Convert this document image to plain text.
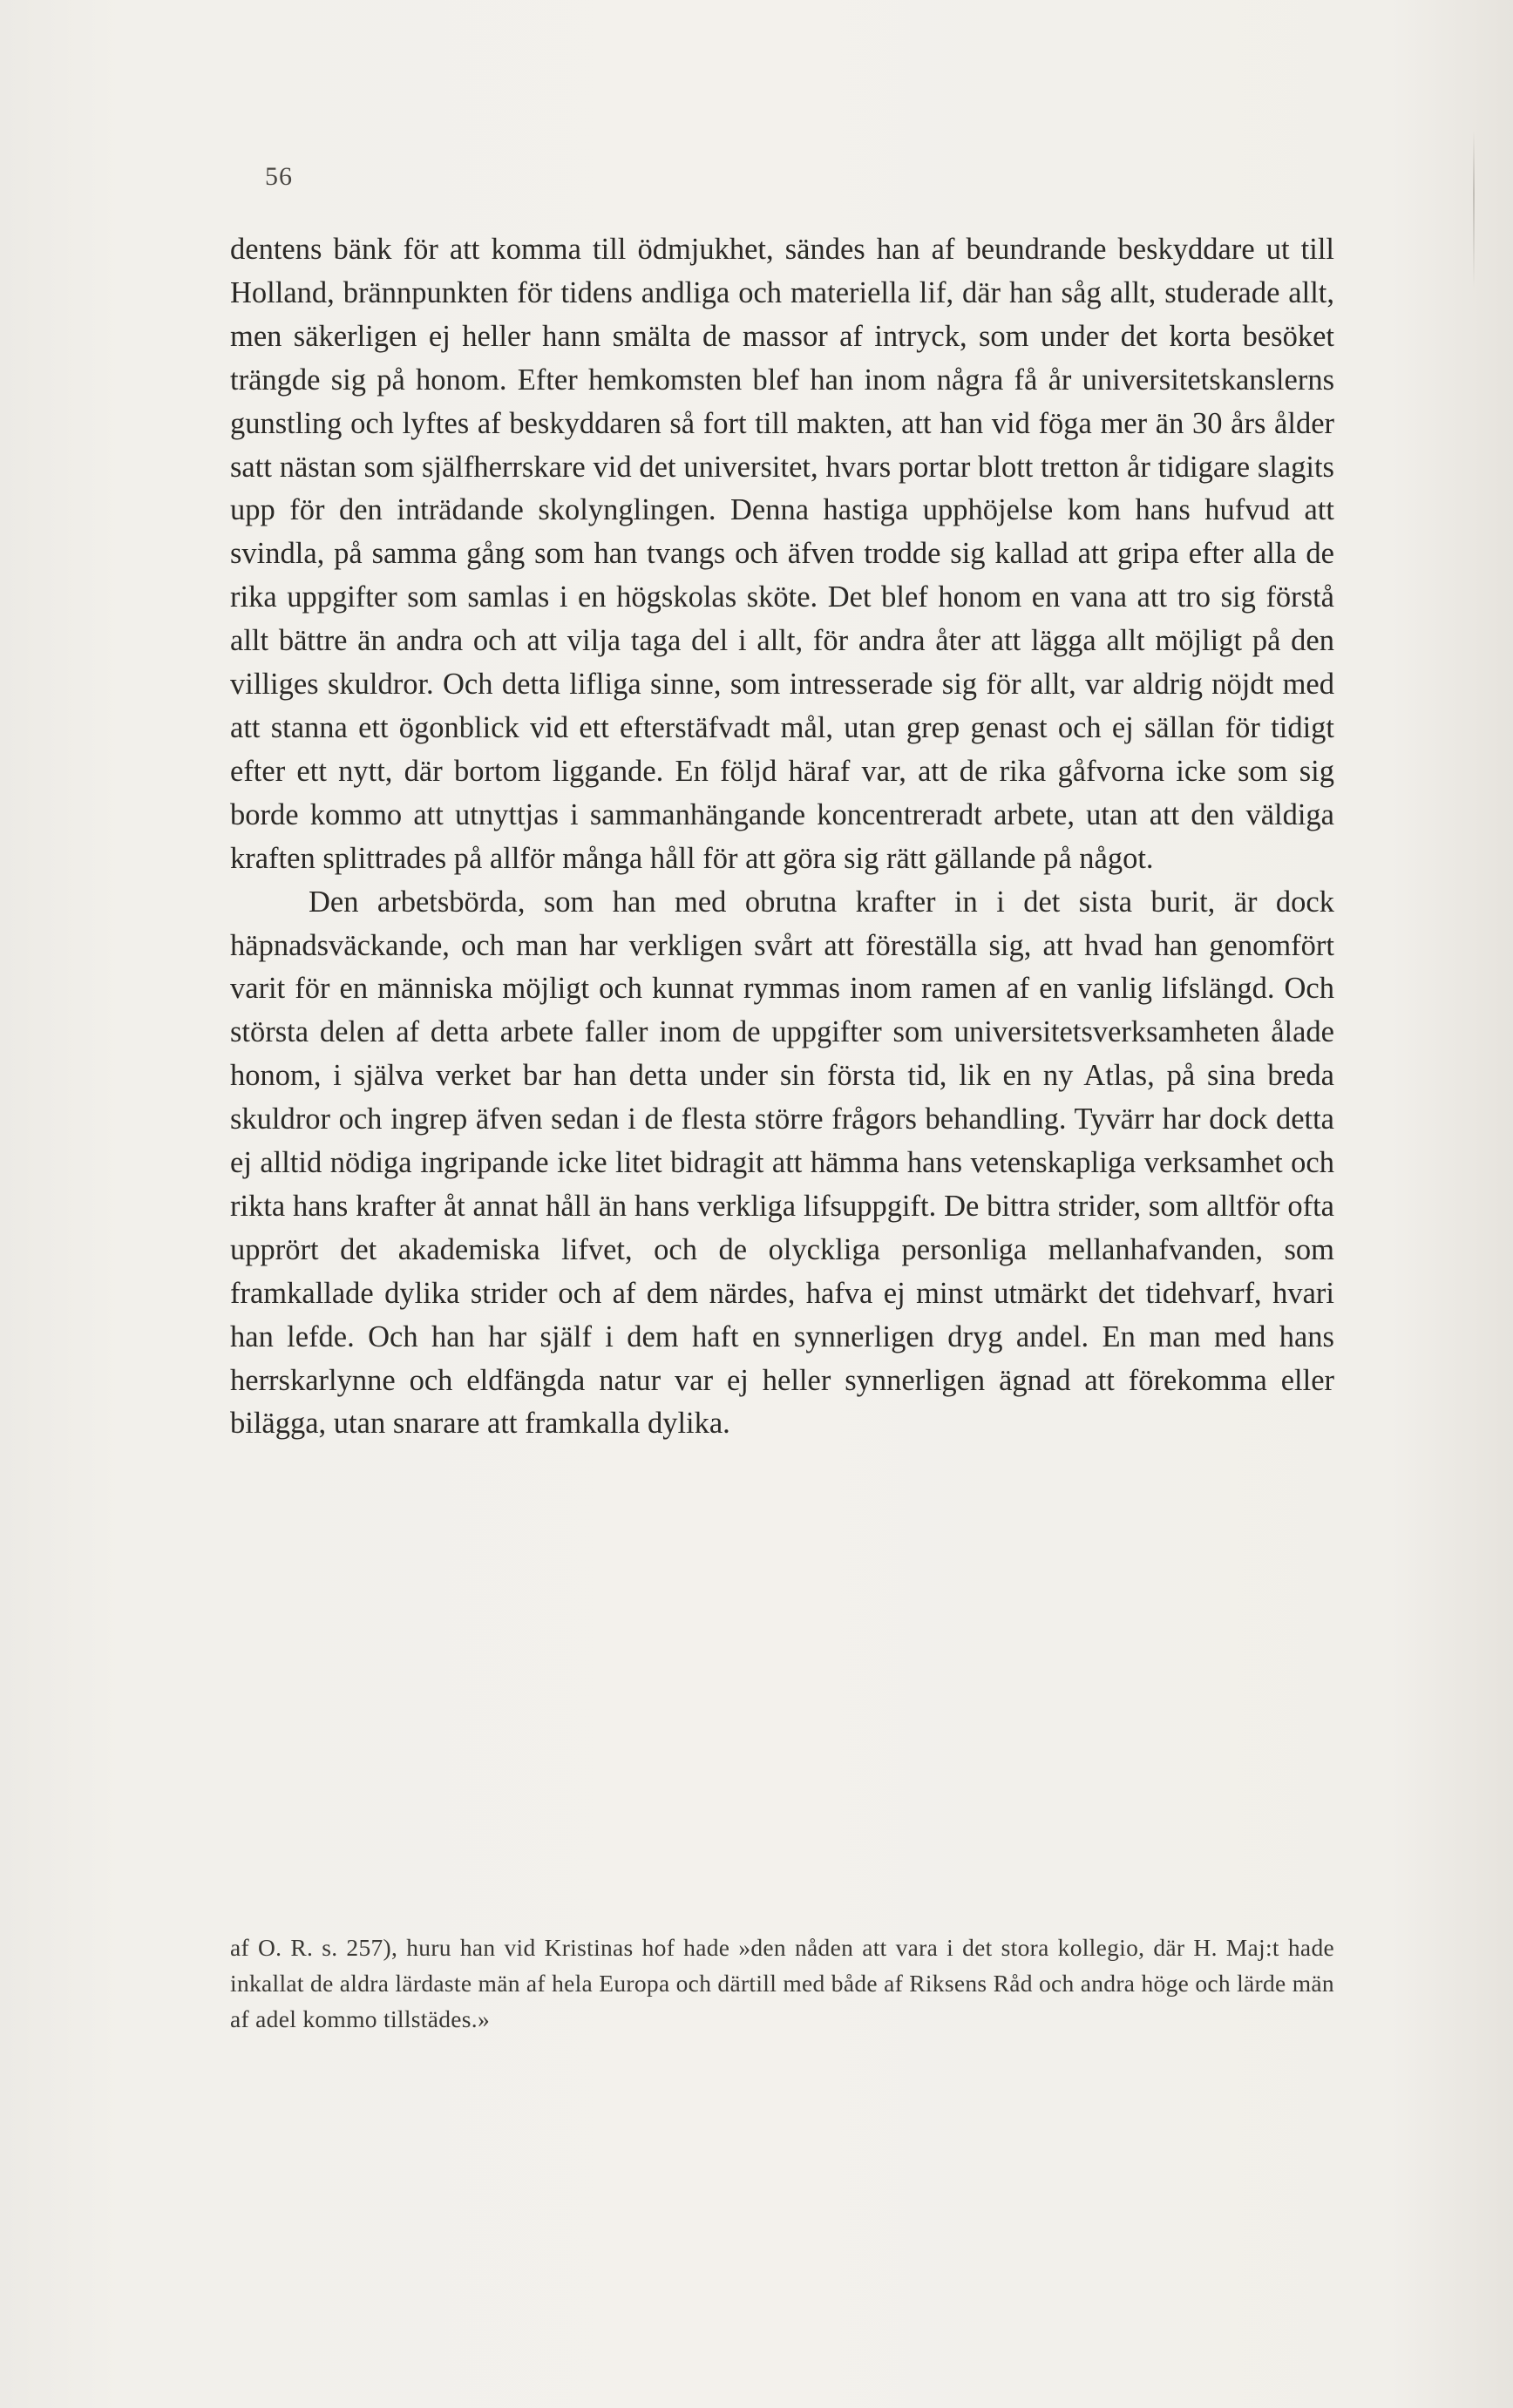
56

dentens bänk för att komma till ödmjukhet, sändes han af beundrande beskyddare ut till Holland, brännpunkten för tidens andliga och materiella lif, där han såg allt, studerade allt, men säkerligen ej heller hann smälta de massor af intryck, som under det korta besöket trängde sig på honom. Efter hemkomsten blef han inom några få år universitetskanslerns gunstling och lyftes af beskyddaren så fort till makten, att han vid föga mer än 30 års ålder satt nästan som själfherrskare vid det universitet, hvars portar blott tretton år tidigare slagits upp för den inträdande skolynglingen. Denna hastiga upphöjelse kom hans hufvud att svindla, på samma gång som han tvangs och äfven trodde sig kallad att gripa efter alla de rika uppgifter som samlas i en högskolas sköte. Det blef honom en vana att tro sig förstå allt bättre än andra och att vilja taga del i allt, för andra åter att lägga allt möjligt på den villiges skuldror. Och detta lifliga sinne, som intresserade sig för allt, var aldrig nöjdt med att stanna ett ögonblick vid ett efterstäfvadt mål, utan grep genast och ej sällan för tidigt efter ett nytt, där bortom liggande. En följd häraf var, att de rika gåfvorna icke som sig borde kommo att utnyttjas i sammanhängande koncentreradt arbete, utan att den väldiga kraften splittrades på allför många håll för att göra sig rätt gällande på något.

Den arbetsbörda, som han med obrutna krafter in i det sista burit, är dock häpnadsväckande, och man har verkligen svårt att föreställa sig, att hvad han genomfört varit för en människa möjligt och kunnat rymmas inom ramen af en vanlig lifslängd. Och största delen af detta arbete faller inom de uppgifter som universitetsverksamheten ålade honom, i själva verket bar han detta under sin första tid, lik en ny Atlas, på sina breda skuldror och ingrep äfven sedan i de flesta större frågors behandling. Tyvärr har dock detta ej alltid nödiga ingripande icke litet bidragit att hämma hans vetenskapliga verksamhet och rikta hans krafter åt annat håll än hans verkliga lifsuppgift. De bittra strider, som alltför ofta upprört det akademiska lifvet, och de olyckliga personliga mellanhafvanden, som framkallade dylika strider och af dem närdes, hafva ej minst utmärkt det tidehvarf, hvari han lefde. Och han har själf i dem haft en synnerligen dryg andel. En man med hans herrskarlynne och eldfängda natur var ej heller synnerligen ägnad att förekomma eller bilägga, utan snarare att framkalla dylika.

af O. R. s. 257), huru han vid Kristinas hof hade »den nåden att vara i det stora kollegio, där H. Maj:t hade inkallat de aldra lärdaste män af hela Europa och därtill med både af Riksens Råd och andra höge och lärde män af adel kommo tillstädes.»
